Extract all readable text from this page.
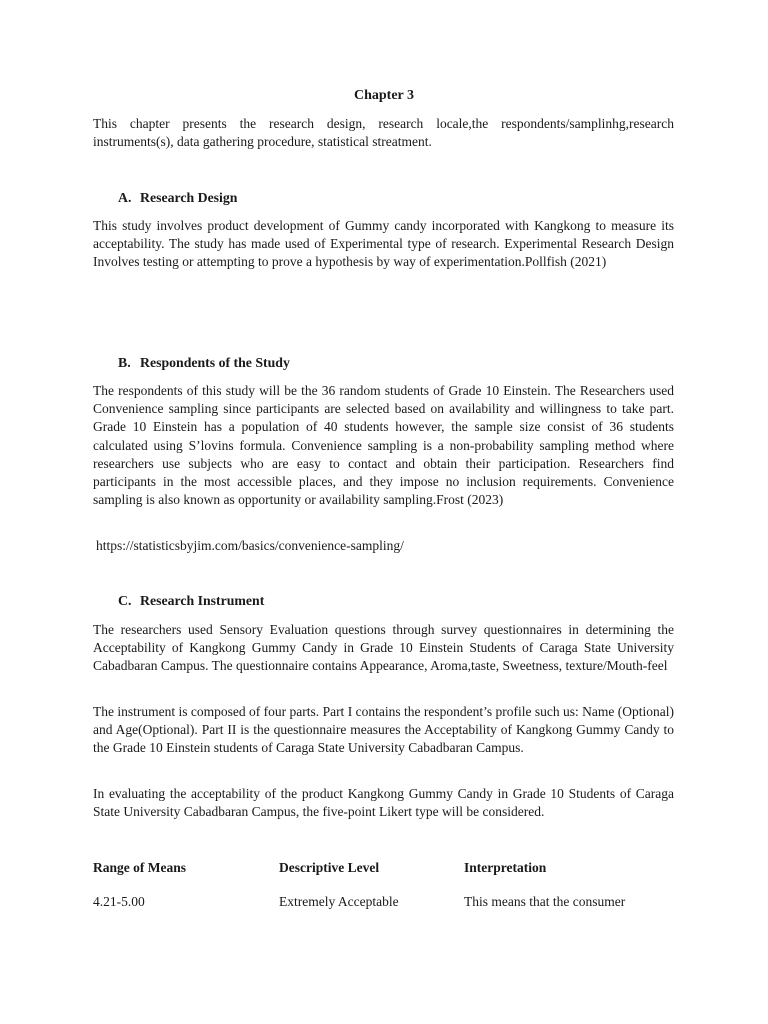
Chapter 3

This chapter presents the research design, research locale,the respondents/samplinhg,research instruments(s), data gathering procedure, statistical streatment.

A. Research Design

This study involves product development of Gummy candy incorporated with Kangkong to measure its acceptability. The study has made used of Experimental type of research. Experimental Research Design Involves testing or attempting to prove a hypothesis by way of experimentation.Pollfish (2021)

B. Respondents of the Study

The respondents of this study will be the 36 random students of Grade 10 Einstein. The Researchers used Convenience sampling since participants are selected based on availability and willingness to take part. Grade 10 Einstein has a population of 40 students however, the sample size consist of 36 students calculated using S’lovins formula. Convenience sampling is a non-probability sampling method where researchers use subjects who are easy to contact and obtain their participation. Researchers find participants in the most accessible places, and they impose no inclusion requirements. Convenience sampling is also known as opportunity or availability sampling.Frost (2023)

https://statisticsbyjim.com/basics/convenience-sampling/
C. Research Instrument

The researchers used Sensory Evaluation questions through survey questionnaires in determining the Acceptability of Kangkong Gummy Candy in Grade 10 Einstein Students of Caraga State University Cabadbaran Campus. The questionnaire contains Appearance, Aroma,taste, Sweetness, texture/Mouth-feel

The instrument is composed of four parts. Part I contains the respondent’s profile such us: Name (Optional) and Age(Optional). Part II is the questionnaire measures the Acceptability of Kangkong Gummy Candy to the Grade 10 Einstein students of Caraga State University Cabadbaran Campus.

In evaluating the acceptability of the product Kangkong Gummy Candy in Grade 10 Students of Caraga State University Cabadbaran Campus, the five-point Likert type will be considered.

Range of Means	Descriptive Level	Interpretation
4.21-5.00	Extremely Acceptable	This means that the consumer
